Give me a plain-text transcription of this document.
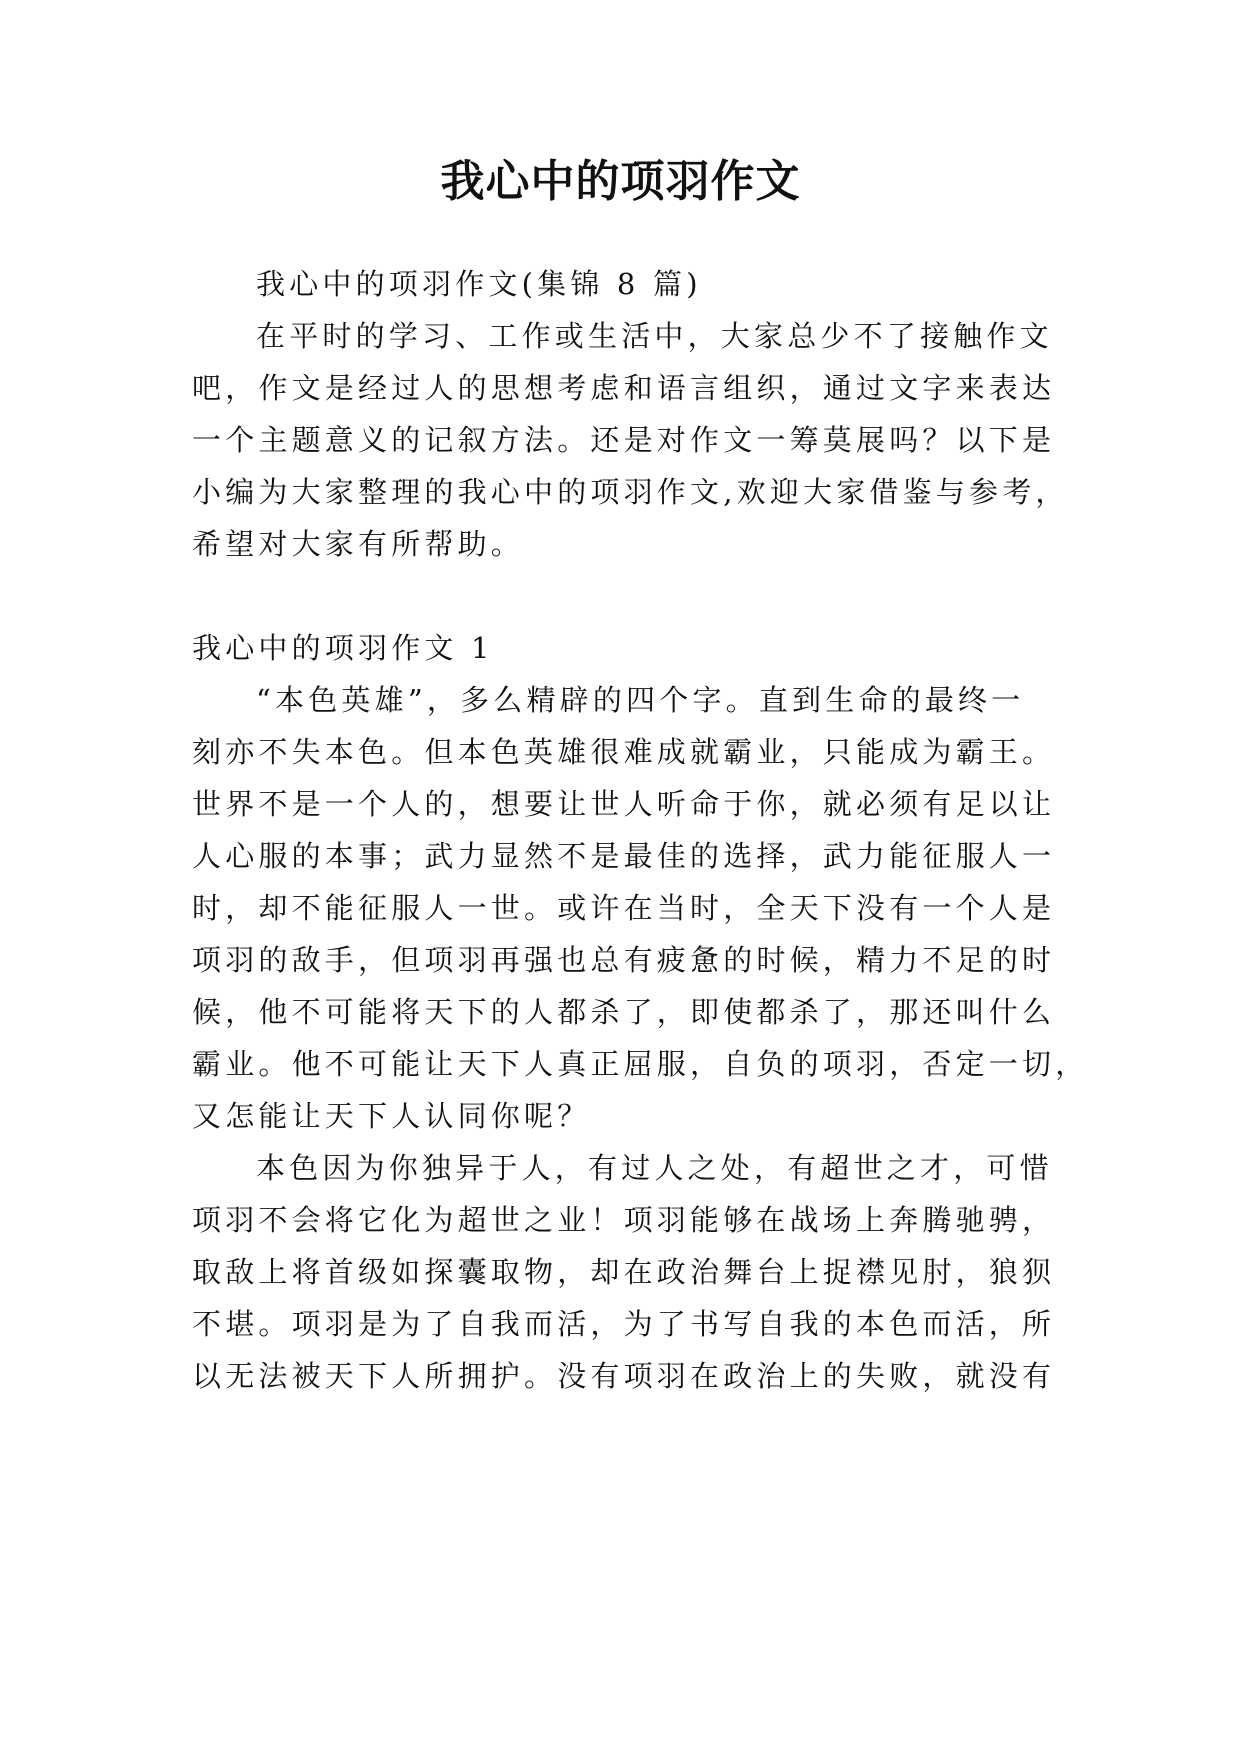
我心中的项羽作文
我心中的项羽作文(集锦 8 篇)
在平时的学习、工作或生活中，大家总少不了接触作文
吧，作文是经过人的思想考虑和语言组织，通过文字来表达
一个主题意义的记叙方法。还是对作文一筹莫展吗？以下是
小编为大家整理的我心中的项羽作文,欢迎大家借鉴与参考，
希望对大家有所帮助。
我心中的项羽作文 1
“本色英雄”，多么精辟的四个字。直到生命的最终一
刻亦不失本色。但本色英雄很难成就霸业，只能成为霸王。
世界不是一个人的，想要让世人听命于你，就必须有足以让
人心服的本事；武力显然不是最佳的选择，武力能征服人一
时，却不能征服人一世。或许在当时，全天下没有一个人是
项羽的敌手，但项羽再强也总有疲惫的时候，精力不足的时
候，他不可能将天下的人都杀了，即使都杀了，那还叫什么
霸业。他不可能让天下人真正屈服，自负的项羽，否定一切，
又怎能让天下人认同你呢？
本色因为你独异于人，有过人之处，有超世之才，可惜
项羽不会将它化为超世之业！项羽能够在战场上奔腾驰骋，
取敌上将首级如探囊取物，却在政治舞台上捉襟见肘，狼狈
不堪。项羽是为了自我而活，为了书写自我的本色而活，所
以无法被天下人所拥护。没有项羽在政治上的失败，就没有
